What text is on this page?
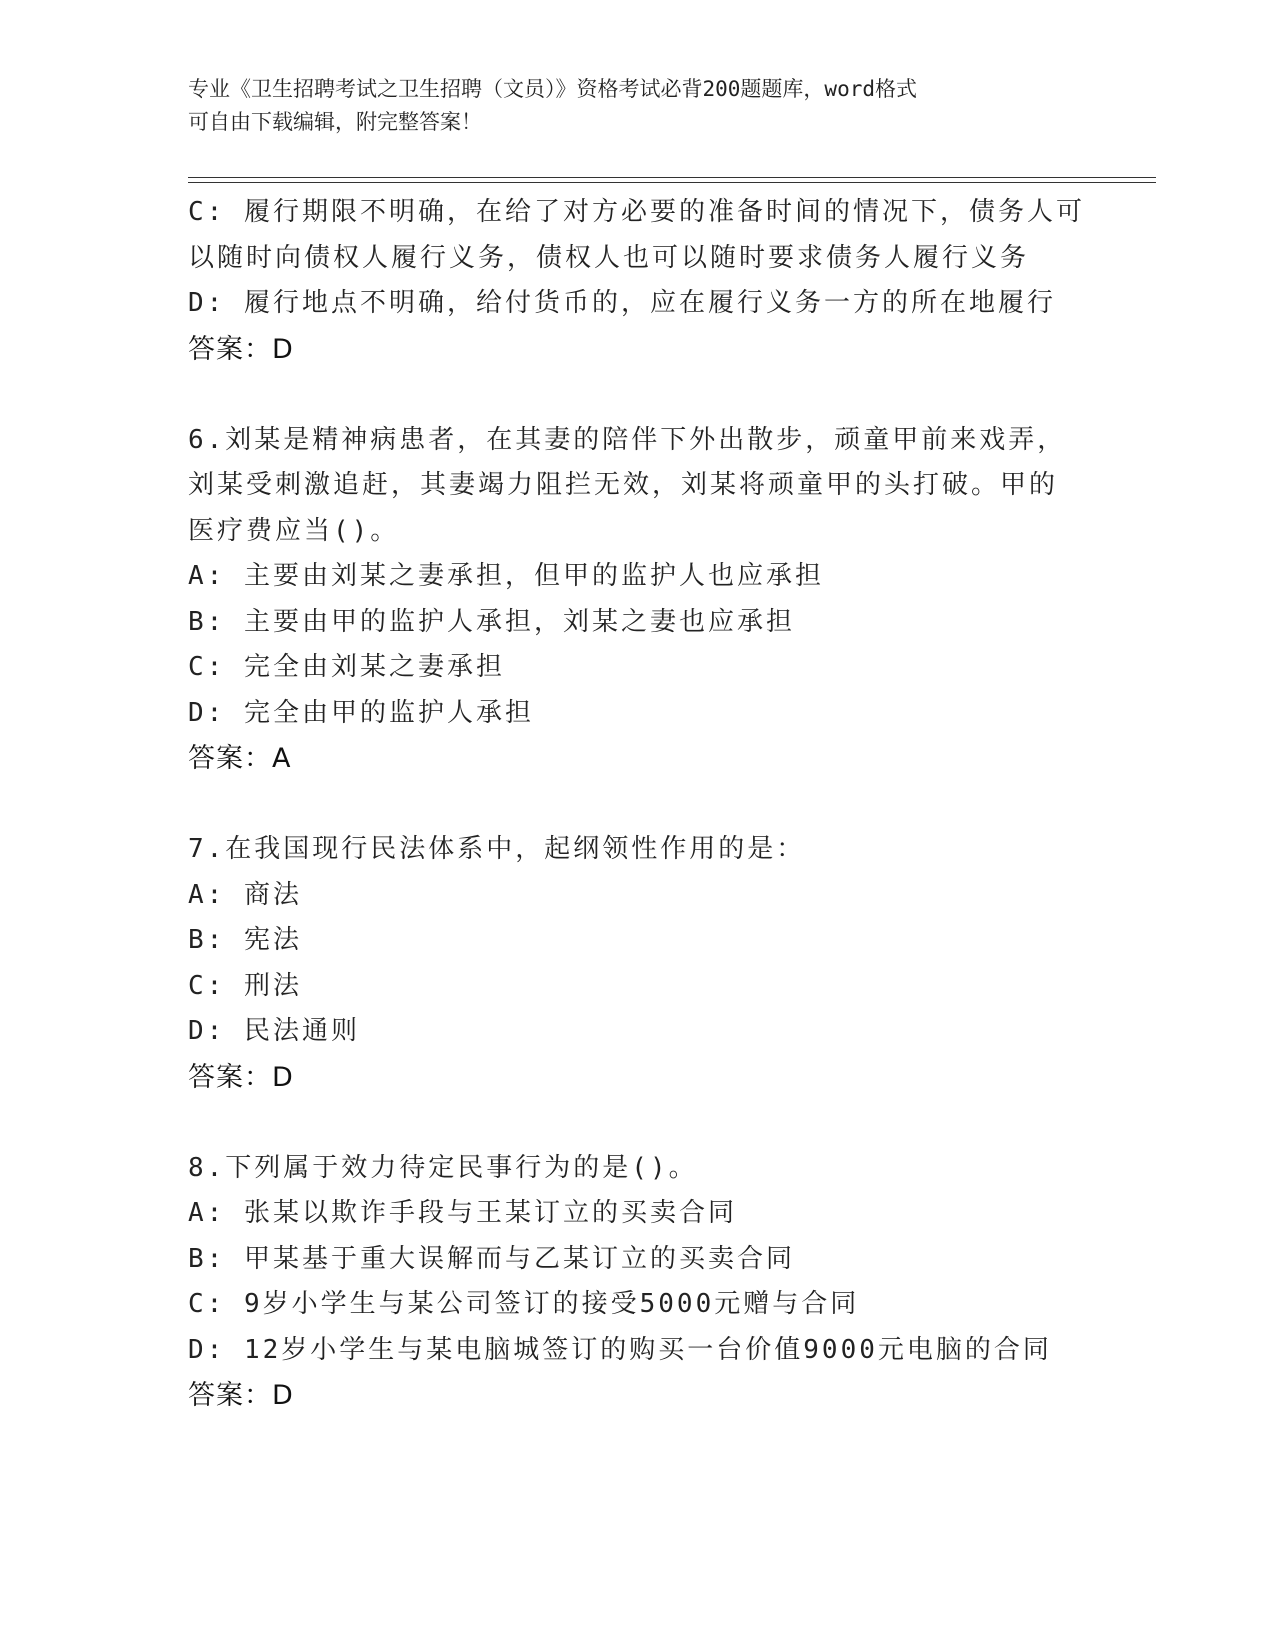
专业《卫生招聘考试之卫生招聘（文员）》资格考试必背200题题库，word格式
可自由下载编辑，附完整答案！
C: 履行期限不明确，在给了对方必要的准备时间的情况下，债务人可
以随时向债权人履行义务，债权人也可以随时要求债务人履行义务
D: 履行地点不明确，给付货币的，应在履行义务一方的所在地履行
答案：D
6.刘某是精神病患者，在其妻的陪伴下外出散步，顽童甲前来戏弄，
刘某受刺激追赶，其妻竭力阻拦无效，刘某将顽童甲的头打破。甲的
医疗费应当()。
A: 主要由刘某之妻承担，但甲的监护人也应承担
B: 主要由甲的监护人承担，刘某之妻也应承担
C: 完全由刘某之妻承担
D: 完全由甲的监护人承担
答案：A
7.在我国现行民法体系中，起纲领性作用的是：
A: 商法
B: 宪法
C: 刑法
D: 民法通则
答案：D
8.下列属于效力待定民事行为的是()。
A: 张某以欺诈手段与王某订立的买卖合同
B: 甲某基于重大误解而与乙某订立的买卖合同
C: 9岁小学生与某公司签订的接受5000元赠与合同
D: 12岁小学生与某电脑城签订的购买一台价值9000元电脑的合同
答案：D
